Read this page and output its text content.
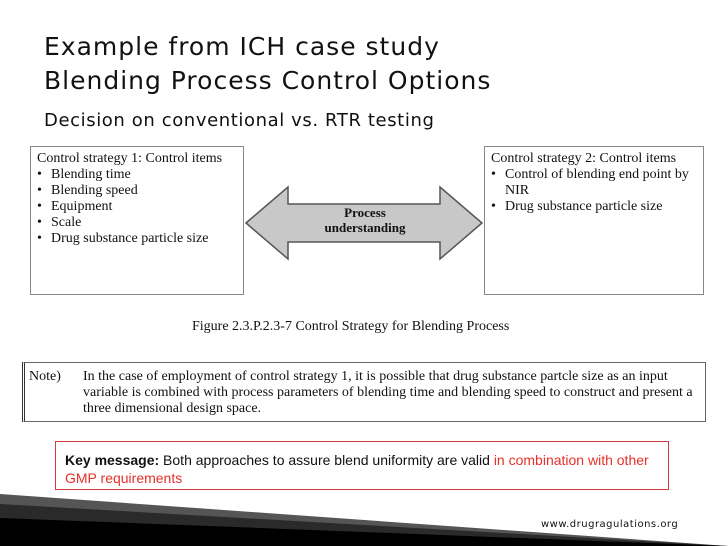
Example from ICH case study
Blending Process Control Options
Decision on conventional vs. RTR testing
Control strategy 1: Control items
• Blending time
• Blending speed
• Equipment
• Scale
• Drug substance particle size
Process understanding
Control strategy 2: Control items
• Control of blending end point by NIR
• Drug substance particle size
Figure 2.3.P.2.3-7 Control Strategy for Blending Process
Note) In the case of employment of control strategy 1, it is possible that drug substance partcle size as an input variable is combined with process parameters of blending time and blending speed to construct and present a three dimensional design space.
Key message: Both approaches to assure blend uniformity are valid in combination with other GMP requirements
www.drugragulations.org
